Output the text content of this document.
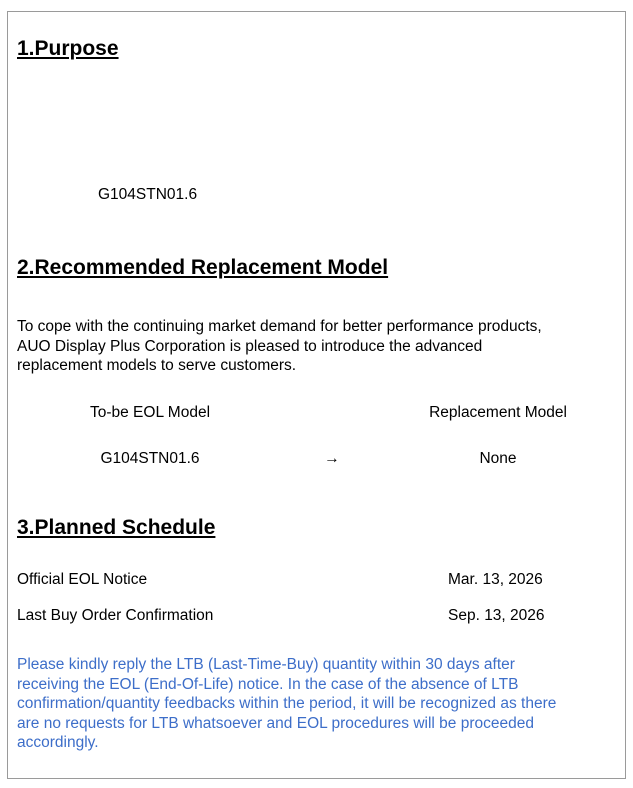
1.Purpose

G104STN01.6

2.Recommended Replacement Model
To cope with the continuing market demand for better performance products,
AUO Display Plus Corporation is pleased to introduce the advanced
replacement models to serve customers.

To-be EOL Model	Replacement Model

G104STN01.6	→	None

3.Planned Schedule

Official EOL Notice	Mar. 13, 2026

Last Buy Order Confirmation	Sep. 13, 2026

Please kindly reply the LTB (Last-Time-Buy) quantity within 30 days after
receiving the EOL (End-Of-Life) notice. In the case of the absence of LTB
confirmation/quantity feedbacks within the period, it will be recognized as there
are no requests for LTB whatsoever and EOL procedures will be proceeded
accordingly.
